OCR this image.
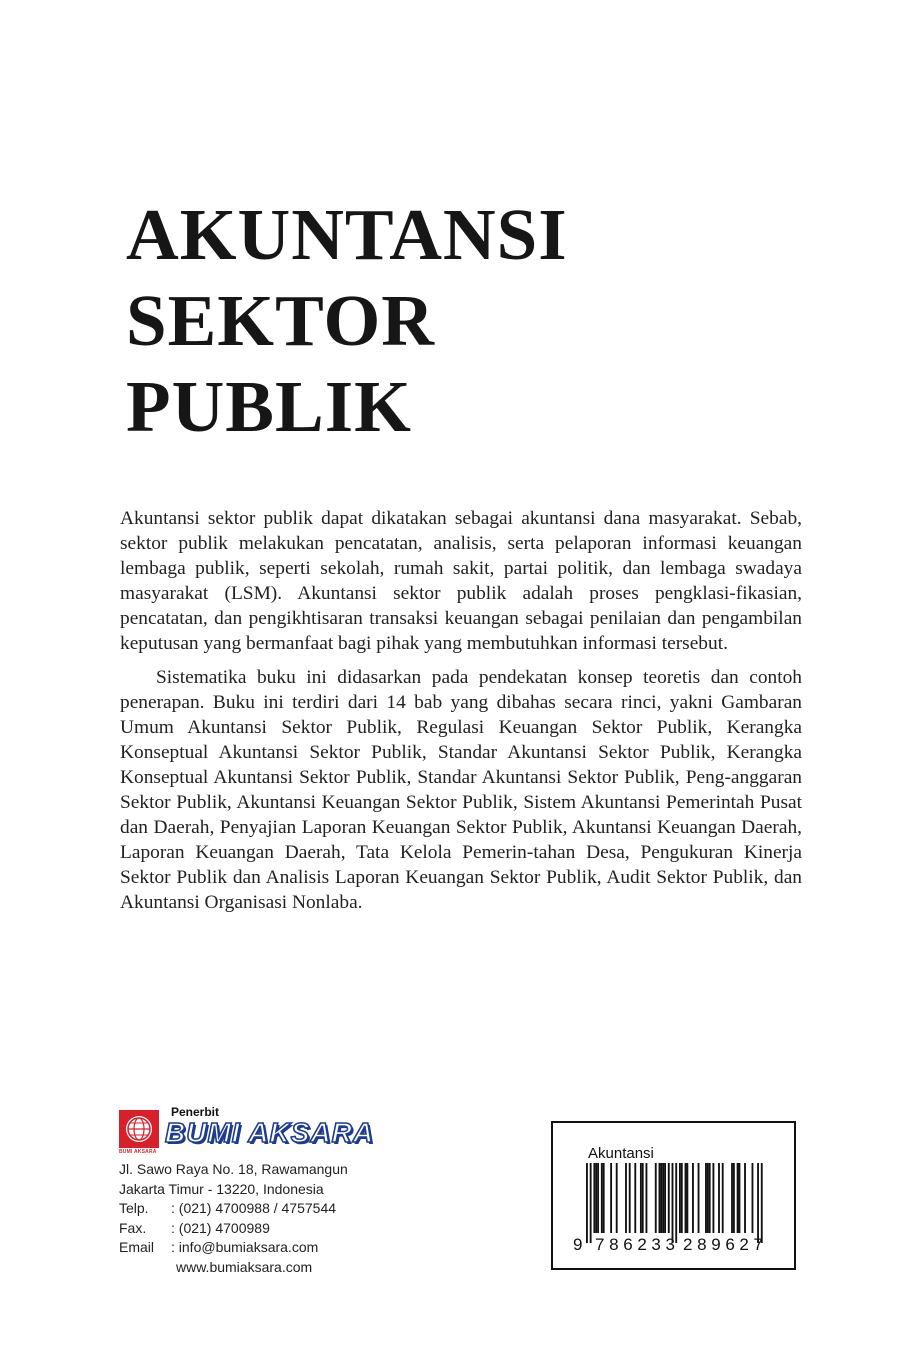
AKUNTANSI
SEKTOR
PUBLIK

Akuntansi sektor publik dapat dikatakan sebagai akuntansi dana masyarakat. Sebab, sektor publik melakukan pencatatan, analisis, serta pelaporan informasi keuangan lembaga publik, seperti sekolah, rumah sakit, partai politik, dan lembaga swadaya masyarakat (LSM). Akuntansi sektor publik adalah proses pengklasi-fikasian, pencatatan, dan pengikhtisaran transaksi keuangan sebagai penilaian dan pengambilan keputusan yang bermanfaat bagi pihak yang membutuhkan informasi tersebut.

Sistematika buku ini didasarkan pada pendekatan konsep teoretis dan contoh penerapan. Buku ini terdiri dari 14 bab yang dibahas secara rinci, yakni Gambaran Umum Akuntansi Sektor Publik, Regulasi Keuangan Sektor Publik, Kerangka Konseptual Akuntansi Sektor Publik, Standar Akuntansi Sektor Publik, Kerangka Konseptual Akuntansi Sektor Publik, Standar Akuntansi Sektor Publik, Peng-anggaran Sektor Publik, Akuntansi Keuangan Sektor Publik, Sistem Akuntansi Pemerintah Pusat dan Daerah, Penyajian Laporan Keuangan Sektor Publik, Akuntansi Keuangan Daerah, Laporan Keuangan Daerah, Tata Kelola Pemerin-tahan Desa, Pengukuran Kinerja Sektor Publik dan Analisis Laporan Keuangan Sektor Publik, Audit Sektor Publik, dan Akuntansi Organisasi Nonlaba.

Penerbit
BUMI AKSARA
BUMI AKSARA
Jl. Sawo Raya No. 18, Rawamangun
Jakarta Timur - 13220, Indonesia
Telp. : (021) 4700988 / 4757544
Fax. : (021) 4700989
Email : info@bumiaksara.com
www.bumiaksara.com
Akuntansi
9 786233 289627
